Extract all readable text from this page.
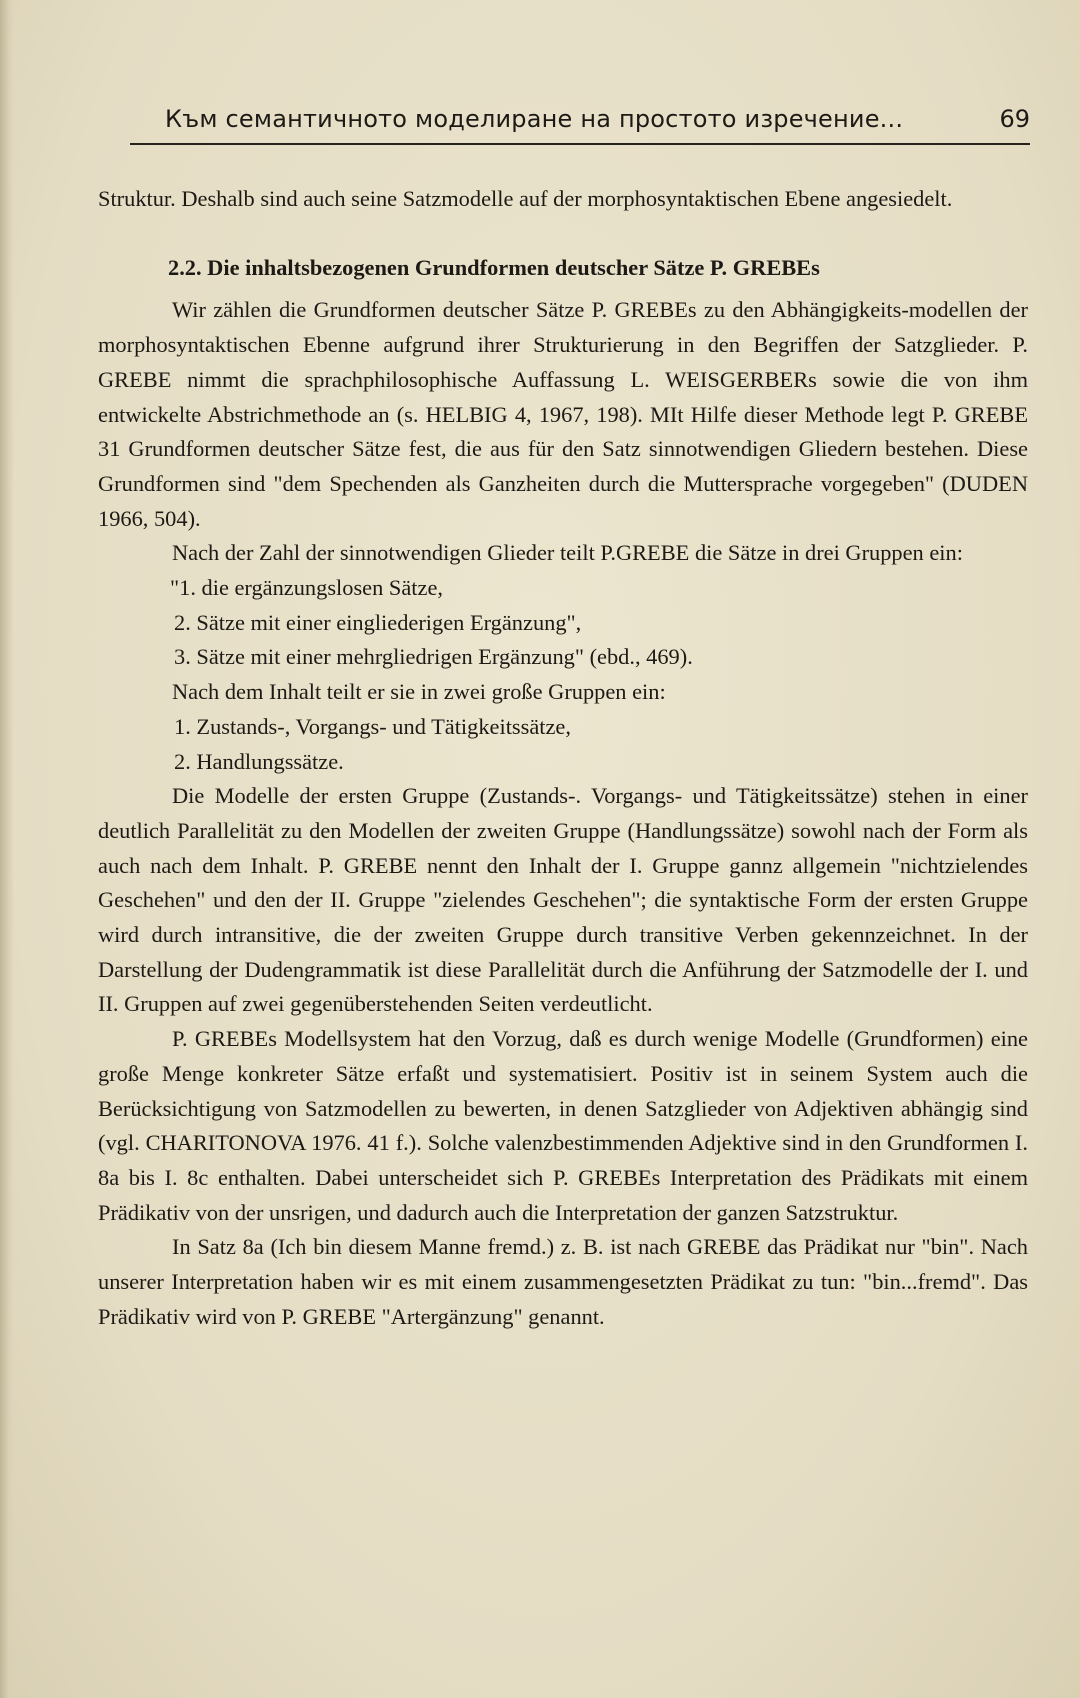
Към семантичното моделиране на простото изречение...	69

Struktur. Deshalb sind auch seine Satzmodelle auf der morphosyntaktischen Ebene angesiedelt.

2.2. Die inhaltsbezogenen Grundformen deutscher Sätze P. GREBEs

Wir zählen die Grundformen deutscher Sätze P. GREBEs zu den Abhängigkeits-modellen der morphosyntaktischen Ebenne aufgrund ihrer Strukturierung in den Begriffen der Satzglieder. P. GREBE nimmt die sprachphilosophische Auffassung L. WEISGERBERs sowie die von ihm entwickelte Abstrichmethode an (s. HELBIG 4, 1967, 198). MIt Hilfe dieser Methode legt P. GREBE 31 Grundformen deutscher Sätze fest, die aus für den Satz sinnotwendigen Gliedern bestehen. Diese Grundformen sind "dem Spechenden als Ganzheiten durch die Muttersprache vorgegeben" (DUDEN 1966, 504).

Nach der Zahl der sinnotwendigen Glieder teilt P.GREBE die Sätze in drei Gruppen ein:

"1. die ergänzungslosen Sätze,

2. Sätze mit einer eingliederigen Ergänzung",

3. Sätze mit einer mehrgliedrigen Ergänzung" (ebd., 469).

Nach dem Inhalt teilt er sie in zwei große Gruppen ein:

1. Zustands-, Vorgangs- und Tätigkeitssätze,

2. Handlungssätze.

Die Modelle der ersten Gruppe (Zustands-. Vorgangs- und Tätigkeitssätze) stehen in einer deutlich Parallelität zu den Modellen der zweiten Gruppe (Handlungssätze) sowohl nach der Form als auch nach dem Inhalt. P. GREBE nennt den Inhalt der I. Gruppe gannz allgemein "nichtzielendes Geschehen" und den der II. Gruppe "zielendes Geschehen"; die syntaktische Form der ersten Gruppe wird durch intransitive, die der zweiten Gruppe durch transitive Verben gekennzeichnet. In der Darstellung der Dudengrammatik ist diese Parallelität durch die Anführung der Satzmodelle der I. und II. Gruppen auf zwei gegenüberstehenden Seiten verdeutlicht.

P. GREBEs Modellsystem hat den Vorzug, daß es durch wenige Modelle (Grundformen) eine große Menge konkreter Sätze erfaßt und systematisiert. Positiv ist in seinem System auch die Berücksichtigung von Satzmodellen zu bewerten, in denen Satzglieder von Adjektiven abhängig sind (vgl. CHARITONOVA 1976. 41 f.). Solche valenzbestimmenden Adjektive sind in den Grundformen I. 8a bis I. 8c enthalten. Dabei unterscheidet sich P. GREBEs Interpretation des Prädikats mit einem Prädikativ von der unsrigen, und dadurch auch die Interpretation der ganzen Satzstruktur.

In Satz 8a (Ich bin diesem Manne fremd.) z. B. ist nach GREBE das Prädikat nur "bin". Nach unserer Interpretation haben wir es mit einem zusammengesetzten Prädikat zu tun: "bin...fremd". Das Prädikativ wird von P. GREBE "Artergänzung" genannt.
